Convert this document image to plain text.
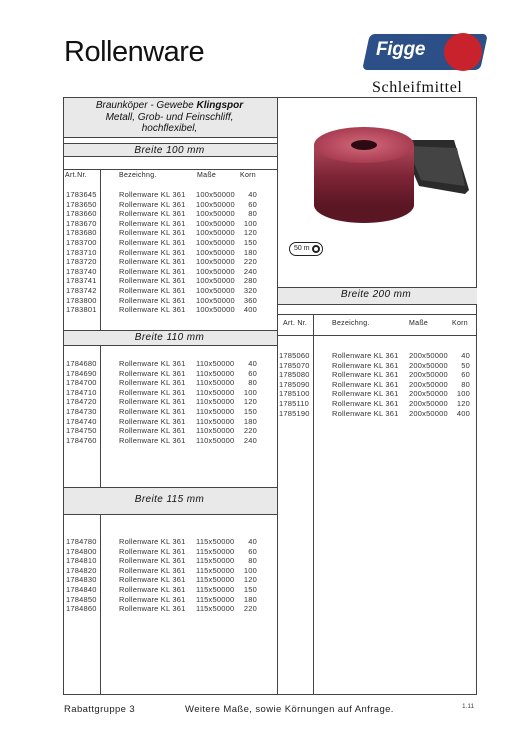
Rollenware	Figge
Schleifmittel
Braunköper - Gewebe Klingspor
Metall, Grob- und Feinschliff,
hochflexibel,
50 m
Breite 100 mm
Breite 110 mm
Breite 115 mm
Breite 200 mm
Art.Nr.	Bezeichng.	Maße	Korn
Art. Nr.	Bezeichng.	Maße	Korn
1783645	Rollenware KL 361 100x50000	40
1783650	Rollenware KL 361 100x50000	60
1783660	Rollenware KL 361 100x50000	80
1783670	Rollenware KL 361 100x50000	100
1783680	Rollenware KL 361 100x50000	120
1783700	Rollenware KL 361 100x50000	150
1783710	Rollenware KL 361 100x50000	180
1783720	Rollenware KL 361 100x50000	220
1783740	Rollenware KL 361 100x50000	240
1783741	Rollenware KL 361 100x50000	280
1783742	Rollenware KL 361 100x50000	320
1783800	Rollenware KL 361 100x50000	360
1783801	Rollenware KL 361 100x50000	400
1784680	Rollenware KL 361 110x50000	40
1784690	Rollenware KL 361 110x50000	60
1784700	Rollenware KL 361 110x50000	80
1784710	Rollenware KL 361 110x50000	100
1784720	Rollenware KL 361 110x50000	120
1784730	Rollenware KL 361 110x50000	150
1784740	Rollenware KL 361 110x50000	180
1784750	Rollenware KL 361 110x50000	220
1784760	Rollenware KL 361 110x50000	240
1784780	Rollenware KL 361 115x50000	40
1784800	Rollenware KL 361 115x50000	60
1784810	Rollenware KL 361 115x50000	80
1784820	Rollenware KL 361 115x50000	100
1784830	Rollenware KL 361 115x50000	120
1784840	Rollenware KL 361 115x50000	150
1784850	Rollenware KL 361 115x50000	180
1784860	Rollenware KL 361 115x50000	220
1785060	Rollenware KL 361 200x50000	40
1785070	Rollenware KL 361 200x50000	50
1785080	Rollenware KL 361 200x50000	60
1785090	Rollenware KL 361 200x50000	80
1785100	Rollenware KL 361 200x50000	100
1785110	Rollenware KL 361 200x50000	120
1785190	Rollenware KL 361 200x50000	400
Rabattgruppe 3	Weitere Maße, sowie Körnungen auf Anfrage.	1.11
